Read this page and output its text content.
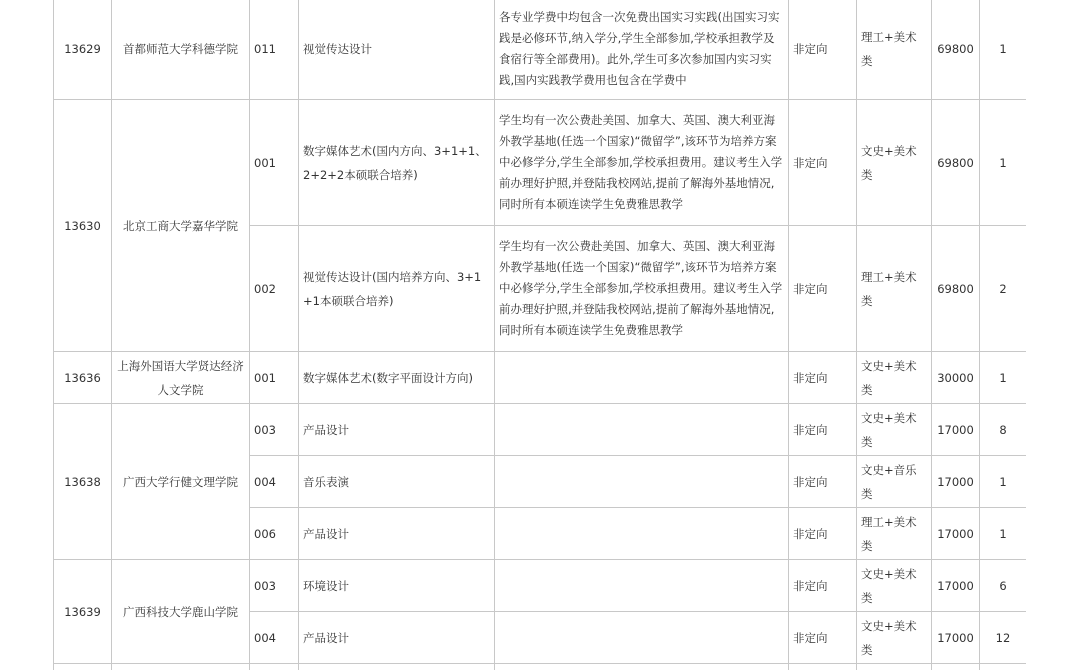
13629	首都师范大学科德学院	011	视觉传达设计	各专业学费中均包含一次免费出国实习实践(出国实习实践是必修环节,纳入学分,学生全部参加,学校承担教学及食宿行等全部费用)。此外,学生可多次参加国内实习实践,国内实践教学费用也包含在学费中	非定向	理工+美术类	69800	1
13630	北京工商大学嘉华学院	001	数字媒体艺术(国内方向、3+1+1、2+2+2本硕联合培养)	学生均有一次公费赴美国、加拿大、英国、澳大利亚海外教学基地(任选一个国家)“微留学”,该环节为培养方案中必修学分,学生全部参加,学校承担费用。建议考生入学前办理好护照,并登陆我校网站,提前了解海外基地情况,同时所有本硕连读学生免费雅思教学	非定向	文史+美术类	69800	1
		002	视觉传达设计(国内培养方向、3+1+1本硕联合培养)	学生均有一次公费赴美国、加拿大、英国、澳大利亚海外教学基地(任选一个国家)“微留学”,该环节为培养方案中必修学分,学生全部参加,学校承担费用。建议考生入学前办理好护照,并登陆我校网站,提前了解海外基地情况,同时所有本硕连读学生免费雅思教学	非定向	理工+美术类	69800	2
13636	上海外国语大学贤达经济人文学院	001	数字媒体艺术(数字平面设计方向)		非定向	文史+美术类	30000	1
13638	广西大学行健文理学院	003	产品设计		非定向	文史+美术类	17000	8
		004	音乐表演		非定向	文史+音乐类	17000	1
		006	产品设计		非定向	理工+美术类	17000	1
13639	广西科技大学鹿山学院	003	环境设计		非定向	文史+美术类	17000	6
		004	产品设计		非定向	文史+美术类	17000	12
